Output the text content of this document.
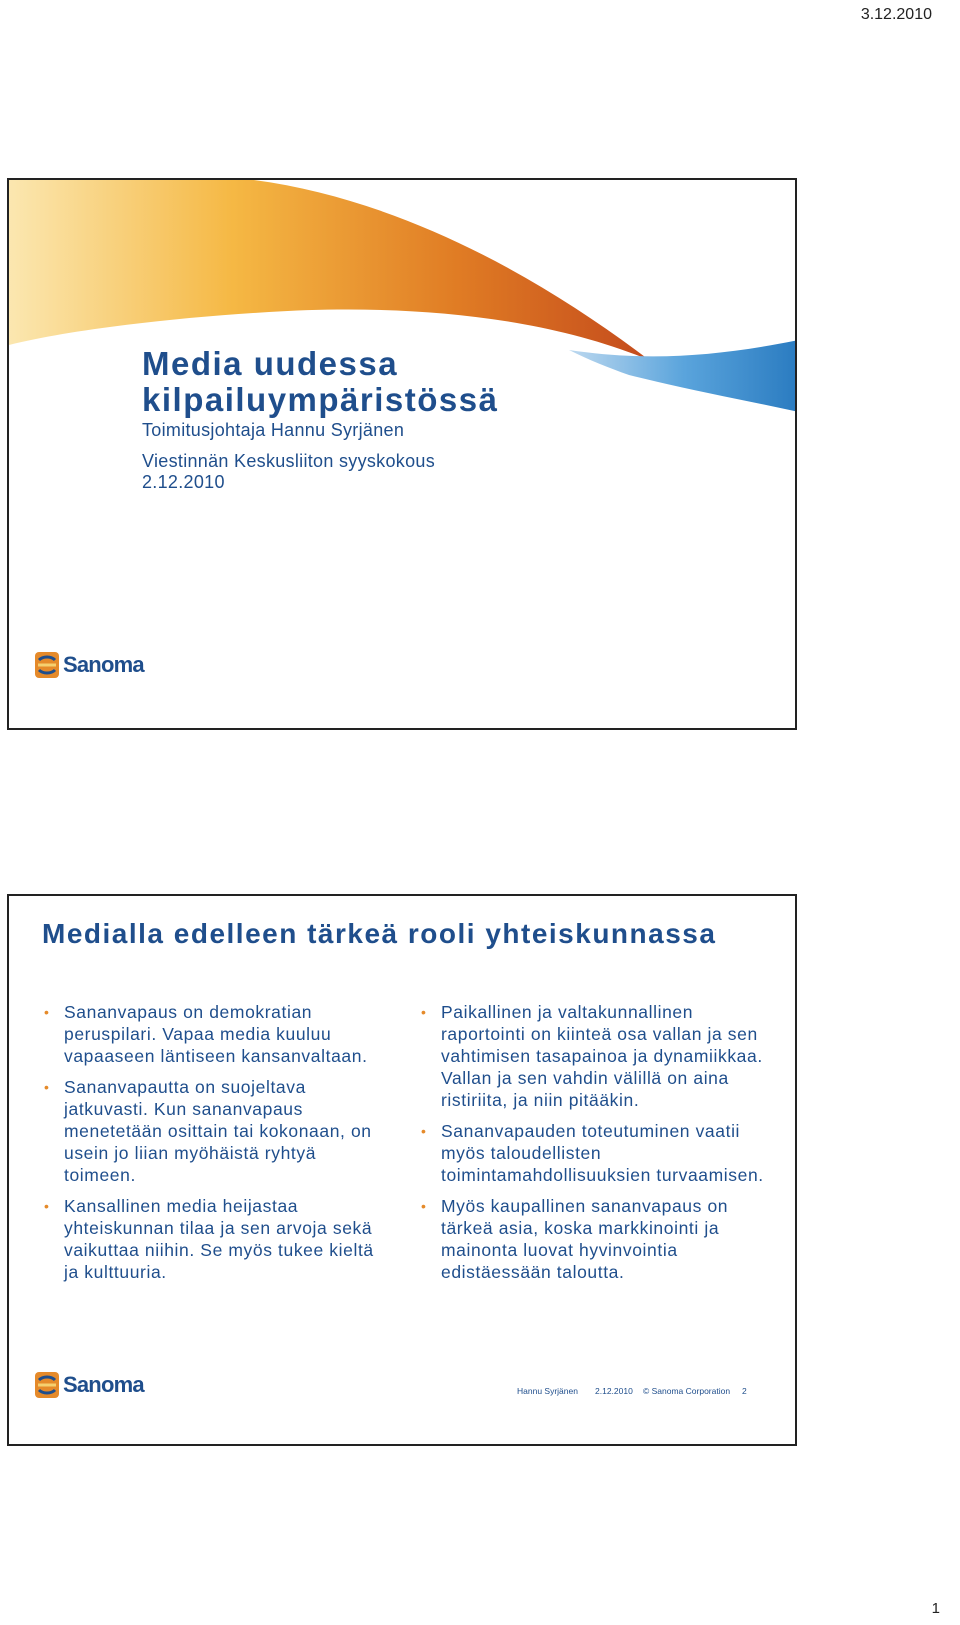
3.12.2010
Media uudessa kilpailuympäristössä
Toimitusjohtaja Hannu Syrjänen
Viestinnän Keskusliiton syyskokous
2.12.2010
Sanoma
Medialla edelleen tärkeä rooli yhteiskunnassa
• Sananvapaus on demokratian peruspilari. Vapaa media kuuluu vapaaseen läntiseen kansanvaltaan.
• Sananvapautta on suojeltava jatkuvasti. Kun sananvapaus menetetään osittain tai kokonaan, on usein jo liian myöhäistä ryhtyä toimeen.
• Kansallinen media heijastaa yhteiskunnan tilaa ja sen arvoja sekä vaikuttaa niihin. Se myös tukee kieltä ja kulttuuria.
• Paikallinen ja valtakunnallinen raportointi on kiinteä osa vallan ja sen vahtimisen tasapainoa ja dynamiikkaa. Vallan ja sen vahdin välillä on aina ristiriita, ja niin pitääkin.
• Sananvapauden toteutuminen vaatii myös taloudellisten toimintamahdollisuuksien turvaamisen.
• Myös kaupallinen sananvapaus on tärkeä asia, koska markkinointi ja mainonta luovat hyvinvointia edistäessään taloutta.
Sanoma	Hannu Syrjänen 2.12.2010 © Sanoma Corporation 2
1
